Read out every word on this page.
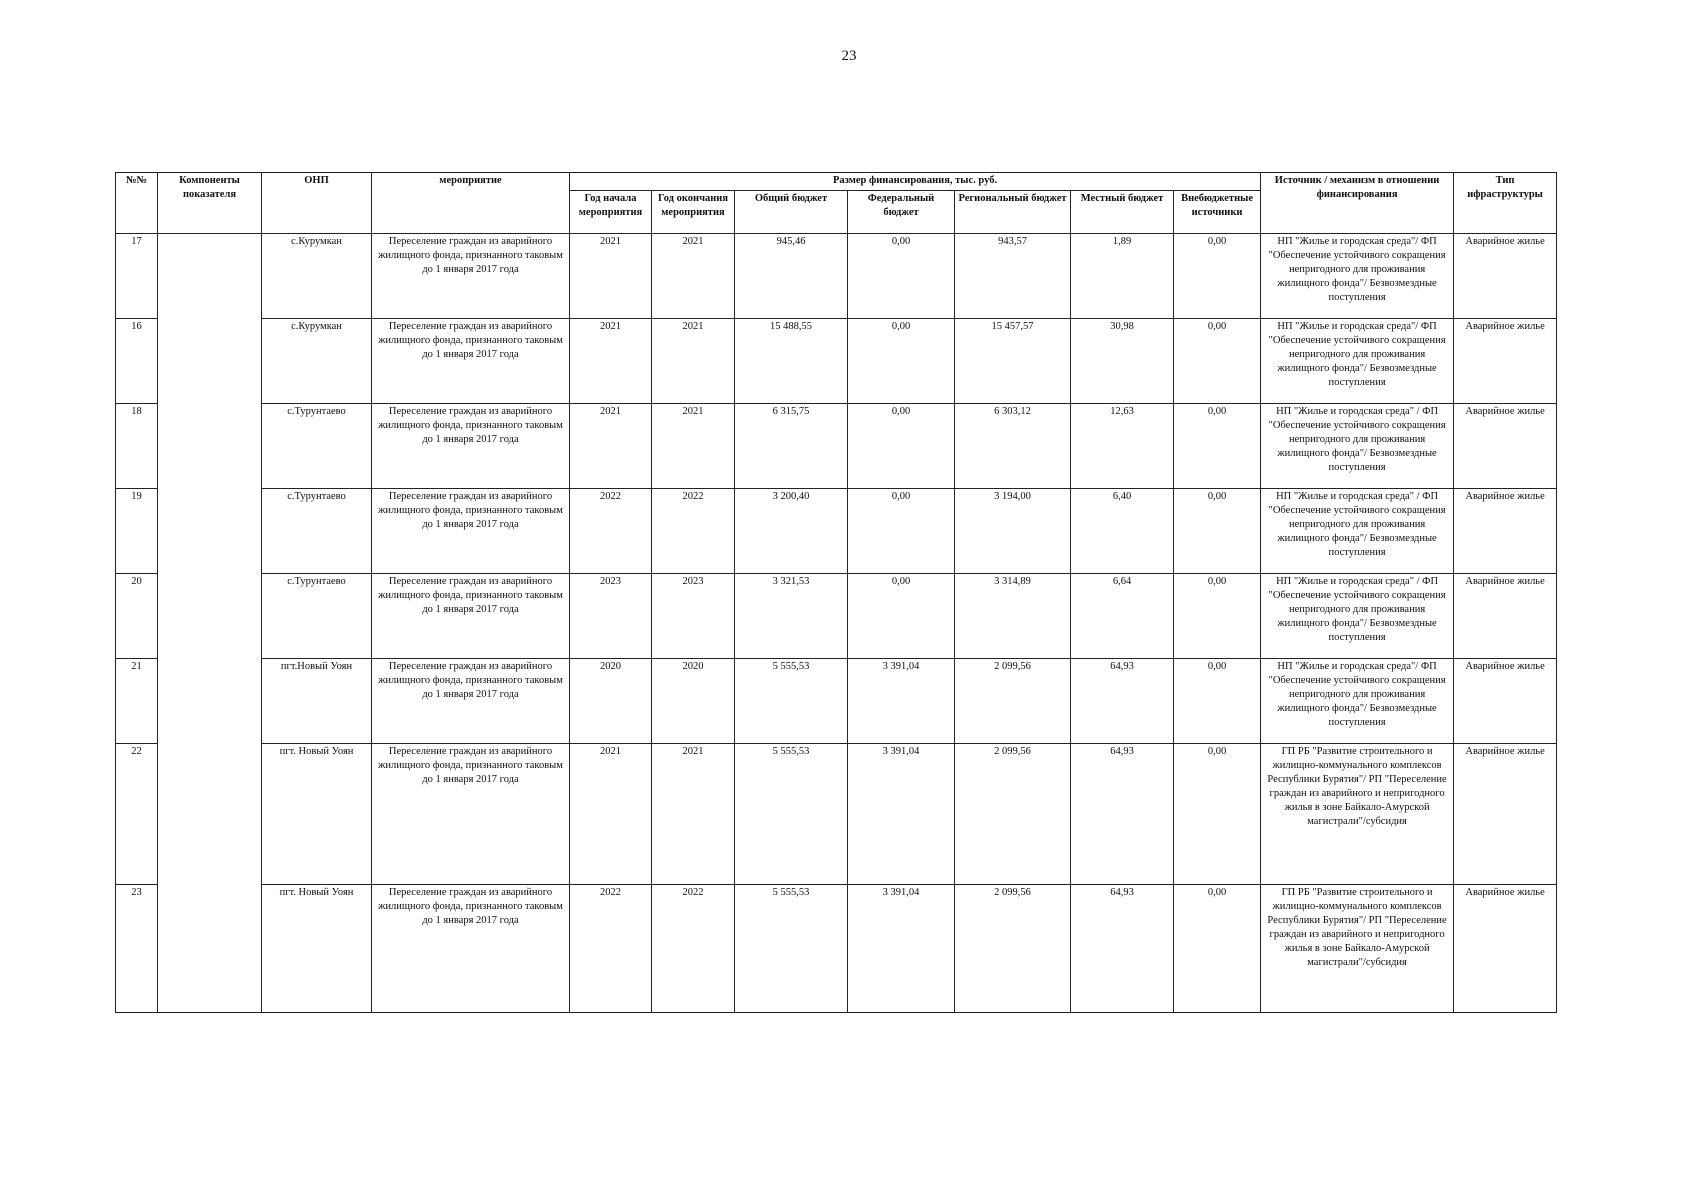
23
№№	Компоненты показателя	ОНП	мероприятие	Размер финансирования, тыс. руб.							Источник / механизм в отношении финансирования	Тип ифраструктуры
				Год начала мероприятия	Год окончания мероприятия	Общий бюджет	Федеральный бюджет	Региональный бюджет	Местный бюджет	Внебюджетные источники		
17		с.Курумкан	Переселение граждан из аварийного жилищного фонда, признанного таковым до 1 января 2017 года	2021	2021	945,46	0,00	943,57	1,89	0,00	НП "Жилье и городская среда"/ ФП "Обеспечение устойчивого сокращения непригодного для проживания жилищного фонда"/ Безвозмездные поступления	Аварийное жилье
16		с.Курумкан	Переселение граждан из аварийного жилищного фонда, признанного таковым до 1 января 2017 года	2021	2021	15 488,55	0,00	15 457,57	30,98	0,00	НП "Жилье и городская среда"/ ФП "Обеспечение устойчивого сокращения непригодного для проживания жилищного фонда"/ Безвозмездные поступления	Аварийное жилье
18		с.Турунтаево	Переселение граждан из аварийного жилищного фонда, признанного таковым до 1 января 2017 года	2021	2021	6 315,75	0,00	6 303,12	12,63	0,00	НП "Жилье и городская среда" / ФП "Обеспечение устойчивого сокращения непригодного для проживания жилищного фонда"/ Безвозмездные поступления	Аварийное жилье
19		с.Турунтаево	Переселение граждан из аварийного жилищного фонда, признанного таковым до 1 января 2017 года	2022	2022	3 200,40	0,00	3 194,00	6,40	0,00	НП "Жилье и городская среда" / ФП "Обеспечение устойчивого сокращения непригодного для проживания жилищного фонда"/ Безвозмездные поступления	Аварийное жилье
20		с.Турунтаево	Переселение граждан из аварийного жилищного фонда, признанного таковым до 1 января 2017 года	2023	2023	3 321,53	0,00	3 314,89	6,64	0,00	НП "Жилье и городская среда" / ФП "Обеспечение устойчивого сокращения непригодного для проживания жилищного фонда"/ Безвозмездные поступления	Аварийное жилье
21		пгт.Новый Уоян	Переселение граждан из аварийного жилищного фонда, признанного таковым до 1 января 2017 года	2020	2020	5 555,53	3 391,04	2 099,56	64,93	0,00	НП "Жилье и городская среда"/ ФП "Обеспечение устойчивого сокращения непригодного для проживания жилищного фонда"/ Безвозмездные поступления	Аварийное жилье
22		пгт. Новый Уоян	Переселение граждан из аварийного жилищного фонда, признанного таковым до 1 января 2017 года	2021	2021	5 555,53	3 391,04	2 099,56	64,93	0,00	ГП РБ "Развитие строительного и жилищно-коммунального комплексов Республики Бурятия"/ РП "Переселение граждан из аварийного и непригодного жилья в зоне Байкало-Амурской магистрали"/субсидия	Аварийное жилье
23		пгт. Новый Уоян	Переселение граждан из аварийного жилищного фонда, признанного таковым до 1 января 2017 года	2022	2022	5 555,53	3 391,04	2 099,56	64,93	0,00	ГП РБ "Развитие строительного и жилищно-коммунального комплексов Республики Бурятия"/ РП "Переселение граждан из аварийного и непригодного жилья в зоне Байкало-Амурской магистрали"/субсидия	Аварийное жилье
